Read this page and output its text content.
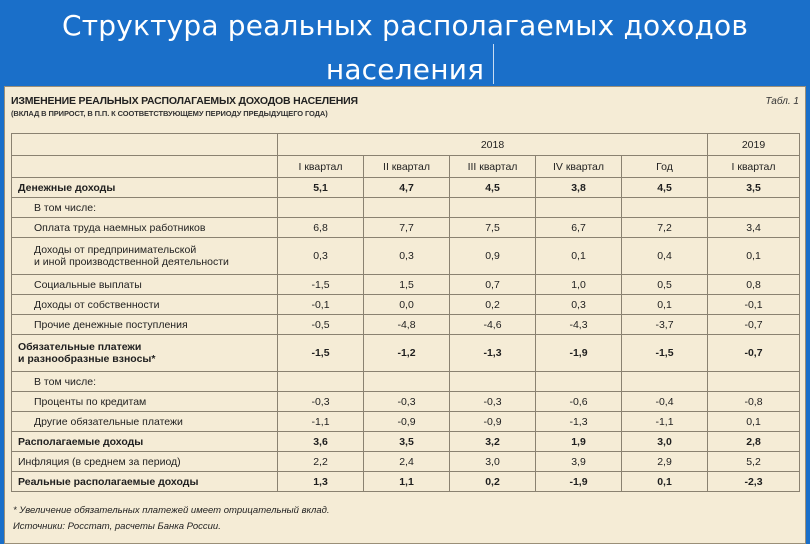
Структура реальных располагаемых доходов
населения
ИЗМЕНЕНИЕ РЕАЛЬНЫХ РАСПОЛАГАЕМЫХ ДОХОДОВ НАСЕЛЕНИЯ
(ВКЛАД В ПРИРОСТ, В П.П. К СООТВЕТСТВУЮЩЕМУ ПЕРИОДУ ПРЕДЫДУЩЕГО ГОДА)
Табл. 1
	2018					2019
	I квартал	II квартал	III квартал	IV квартал	Год	I квартал
Денежные доходы	5,1	4,7	4,5	3,8	4,5	3,5
В том числе:						
Оплата труда наемных работников	6,8	7,7	7,5	6,7	7,2	3,4
Доходы от предпринимательской
и иной производственной деятельности	0,3	0,3	0,9	0,1	0,4	0,1
Социальные выплаты	-1,5	1,5	0,7	1,0	0,5	0,8
Доходы от собственности	-0,1	0,0	0,2	0,3	0,1	-0,1
Прочие денежные поступления	-0,5	-4,8	-4,6	-4,3	-3,7	-0,7
Обязательные платежи
и разнообразные взносы*	-1,5	-1,2	-1,3	-1,9	-1,5	-0,7
В том числе:						
Проценты по кредитам	-0,3	-0,3	-0,3	-0,6	-0,4	-0,8
Другие обязательные платежи	-1,1	-0,9	-0,9	-1,3	-1,1	0,1
Располагаемые доходы	3,6	3,5	3,2	1,9	3,0	2,8
Инфляция (в среднем за период)	2,2	2,4	3,0	3,9	2,9	5,2
Реальные располагаемые доходы	1,3	1,1	0,2	-1,9	0,1	-2,3
* Увеличение обязательных платежей имеет отрицательный вклад.
Источники: Росстат, расчеты Банка России.
